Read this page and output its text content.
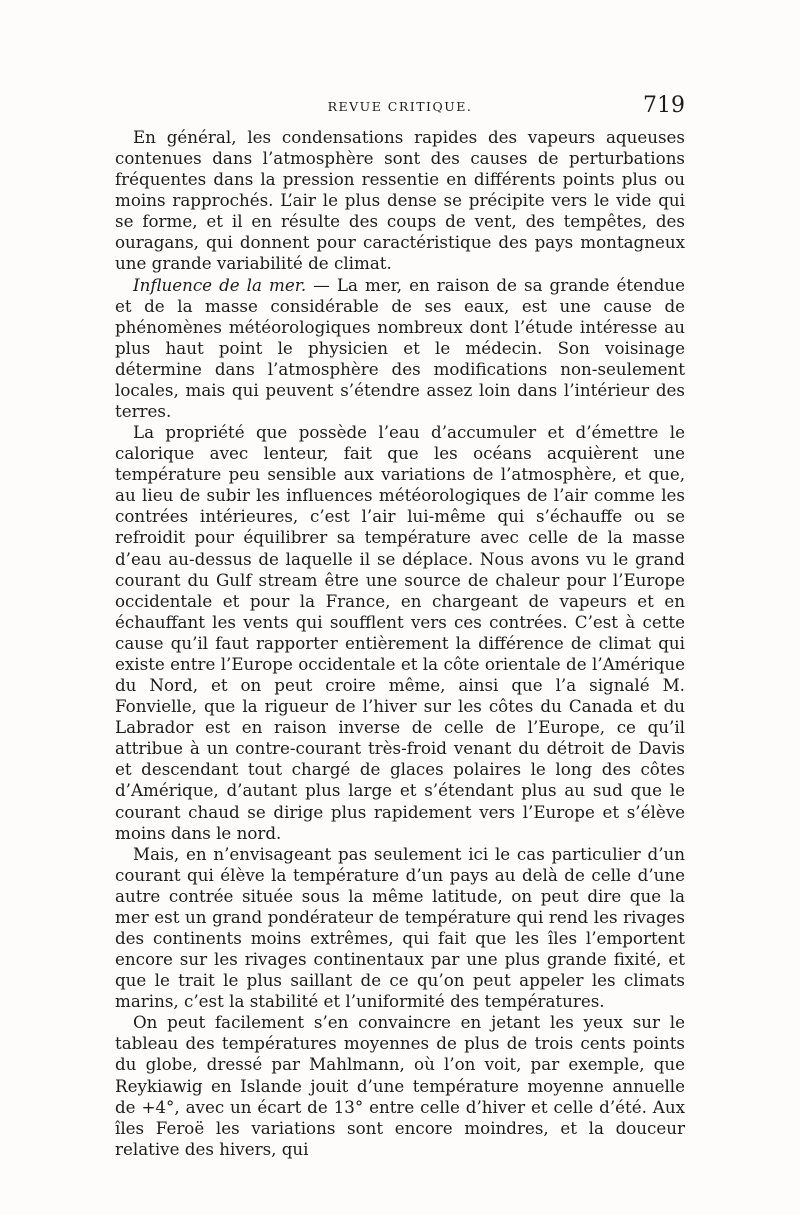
REVUE CRITIQUE.	719

En général, les condensations rapides des vapeurs aqueuses contenues dans l’atmosphère sont des causes de perturbations fréquentes dans la pression ressentie en différents points plus ou moins rapprochés. L’air le plus dense se précipite vers le vide qui se forme, et il en résulte des coups de vent, des tempêtes, des ouragans, qui donnent pour caractéristique des pays montagneux une grande variabilité de climat.

Influence de la mer. — La mer, en raison de sa grande étendue et de la masse considérable de ses eaux, est une cause de phénomènes météorologiques nombreux dont l’étude intéresse au plus haut point le physicien et le médecin. Son voisinage détermine dans l’atmosphère des modifications non-seulement locales, mais qui peuvent s’étendre assez loin dans l’intérieur des terres.

La propriété que possède l’eau d’accumuler et d’émettre le calorique avec lenteur, fait que les océans acquièrent une température peu sensible aux variations de l’atmosphère, et que, au lieu de subir les influences météorologiques de l’air comme les contrées intérieures, c’est l’air lui-même qui s’échauffe ou se refroidit pour équilibrer sa température avec celle de la masse d’eau au-dessus de laquelle il se déplace. Nous avons vu le grand courant du Gulf stream être une source de chaleur pour l’Europe occidentale et pour la France, en chargeant de vapeurs et en échauffant les vents qui soufflent vers ces contrées. C’est à cette cause qu’il faut rapporter entièrement la différence de climat qui existe entre l’Europe occidentale et la côte orientale de l’Amérique du Nord, et on peut croire même, ainsi que l’a signalé M. Fonvielle, que la rigueur de l’hiver sur les côtes du Canada et du Labrador est en raison inverse de celle de l’Europe, ce qu’il attribue à un contre-courant très-froid venant du détroit de Davis et descendant tout chargé de glaces polaires le long des côtes d’Amérique, d’autant plus large et s’étendant plus au sud que le courant chaud se dirige plus rapidement vers l’Europe et s’élève moins dans le nord.

Mais, en n’envisageant pas seulement ici le cas particulier d’un courant qui élève la température d’un pays au delà de celle d’une autre contrée située sous la même latitude, on peut dire que la mer est un grand pondérateur de température qui rend les rivages des continents moins extrêmes, qui fait que les îles l’emportent encore sur les rivages continentaux par une plus grande fixité, et que le trait le plus saillant de ce qu’on peut appeler les climats marins, c’est la stabilité et l’uniformité des températures.

On peut facilement s’en convaincre en jetant les yeux sur le tableau des températures moyennes de plus de trois cents points du globe, dressé par Mahlmann, où l’on voit, par exemple, que Reykiawig en Islande jouit d’une température moyenne annuelle de +4°, avec un écart de 13° entre celle d’hiver et celle d’été. Aux îles Feroë les variations sont encore moindres, et la douceur relative des hivers, qui
